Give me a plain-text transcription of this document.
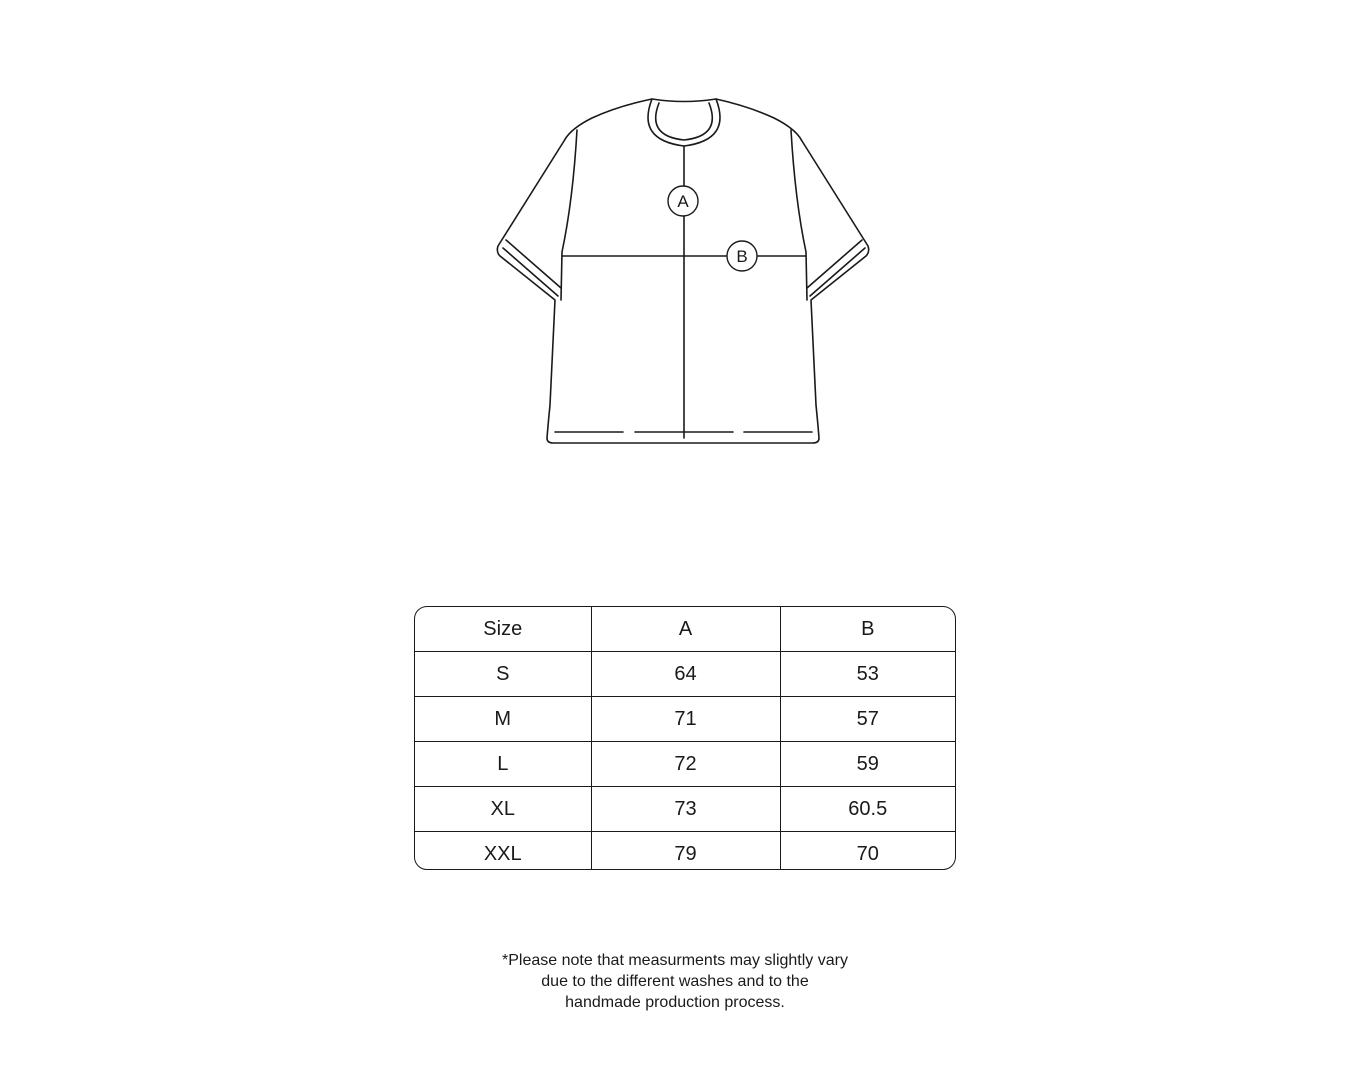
A
B
Size	A	B
S	64	53
M	71	57
L	72	59
XL	73	60.5
XXL	79	70
*Please note that measurments may slightly vary
due to the different washes and to the
handmade production process.
